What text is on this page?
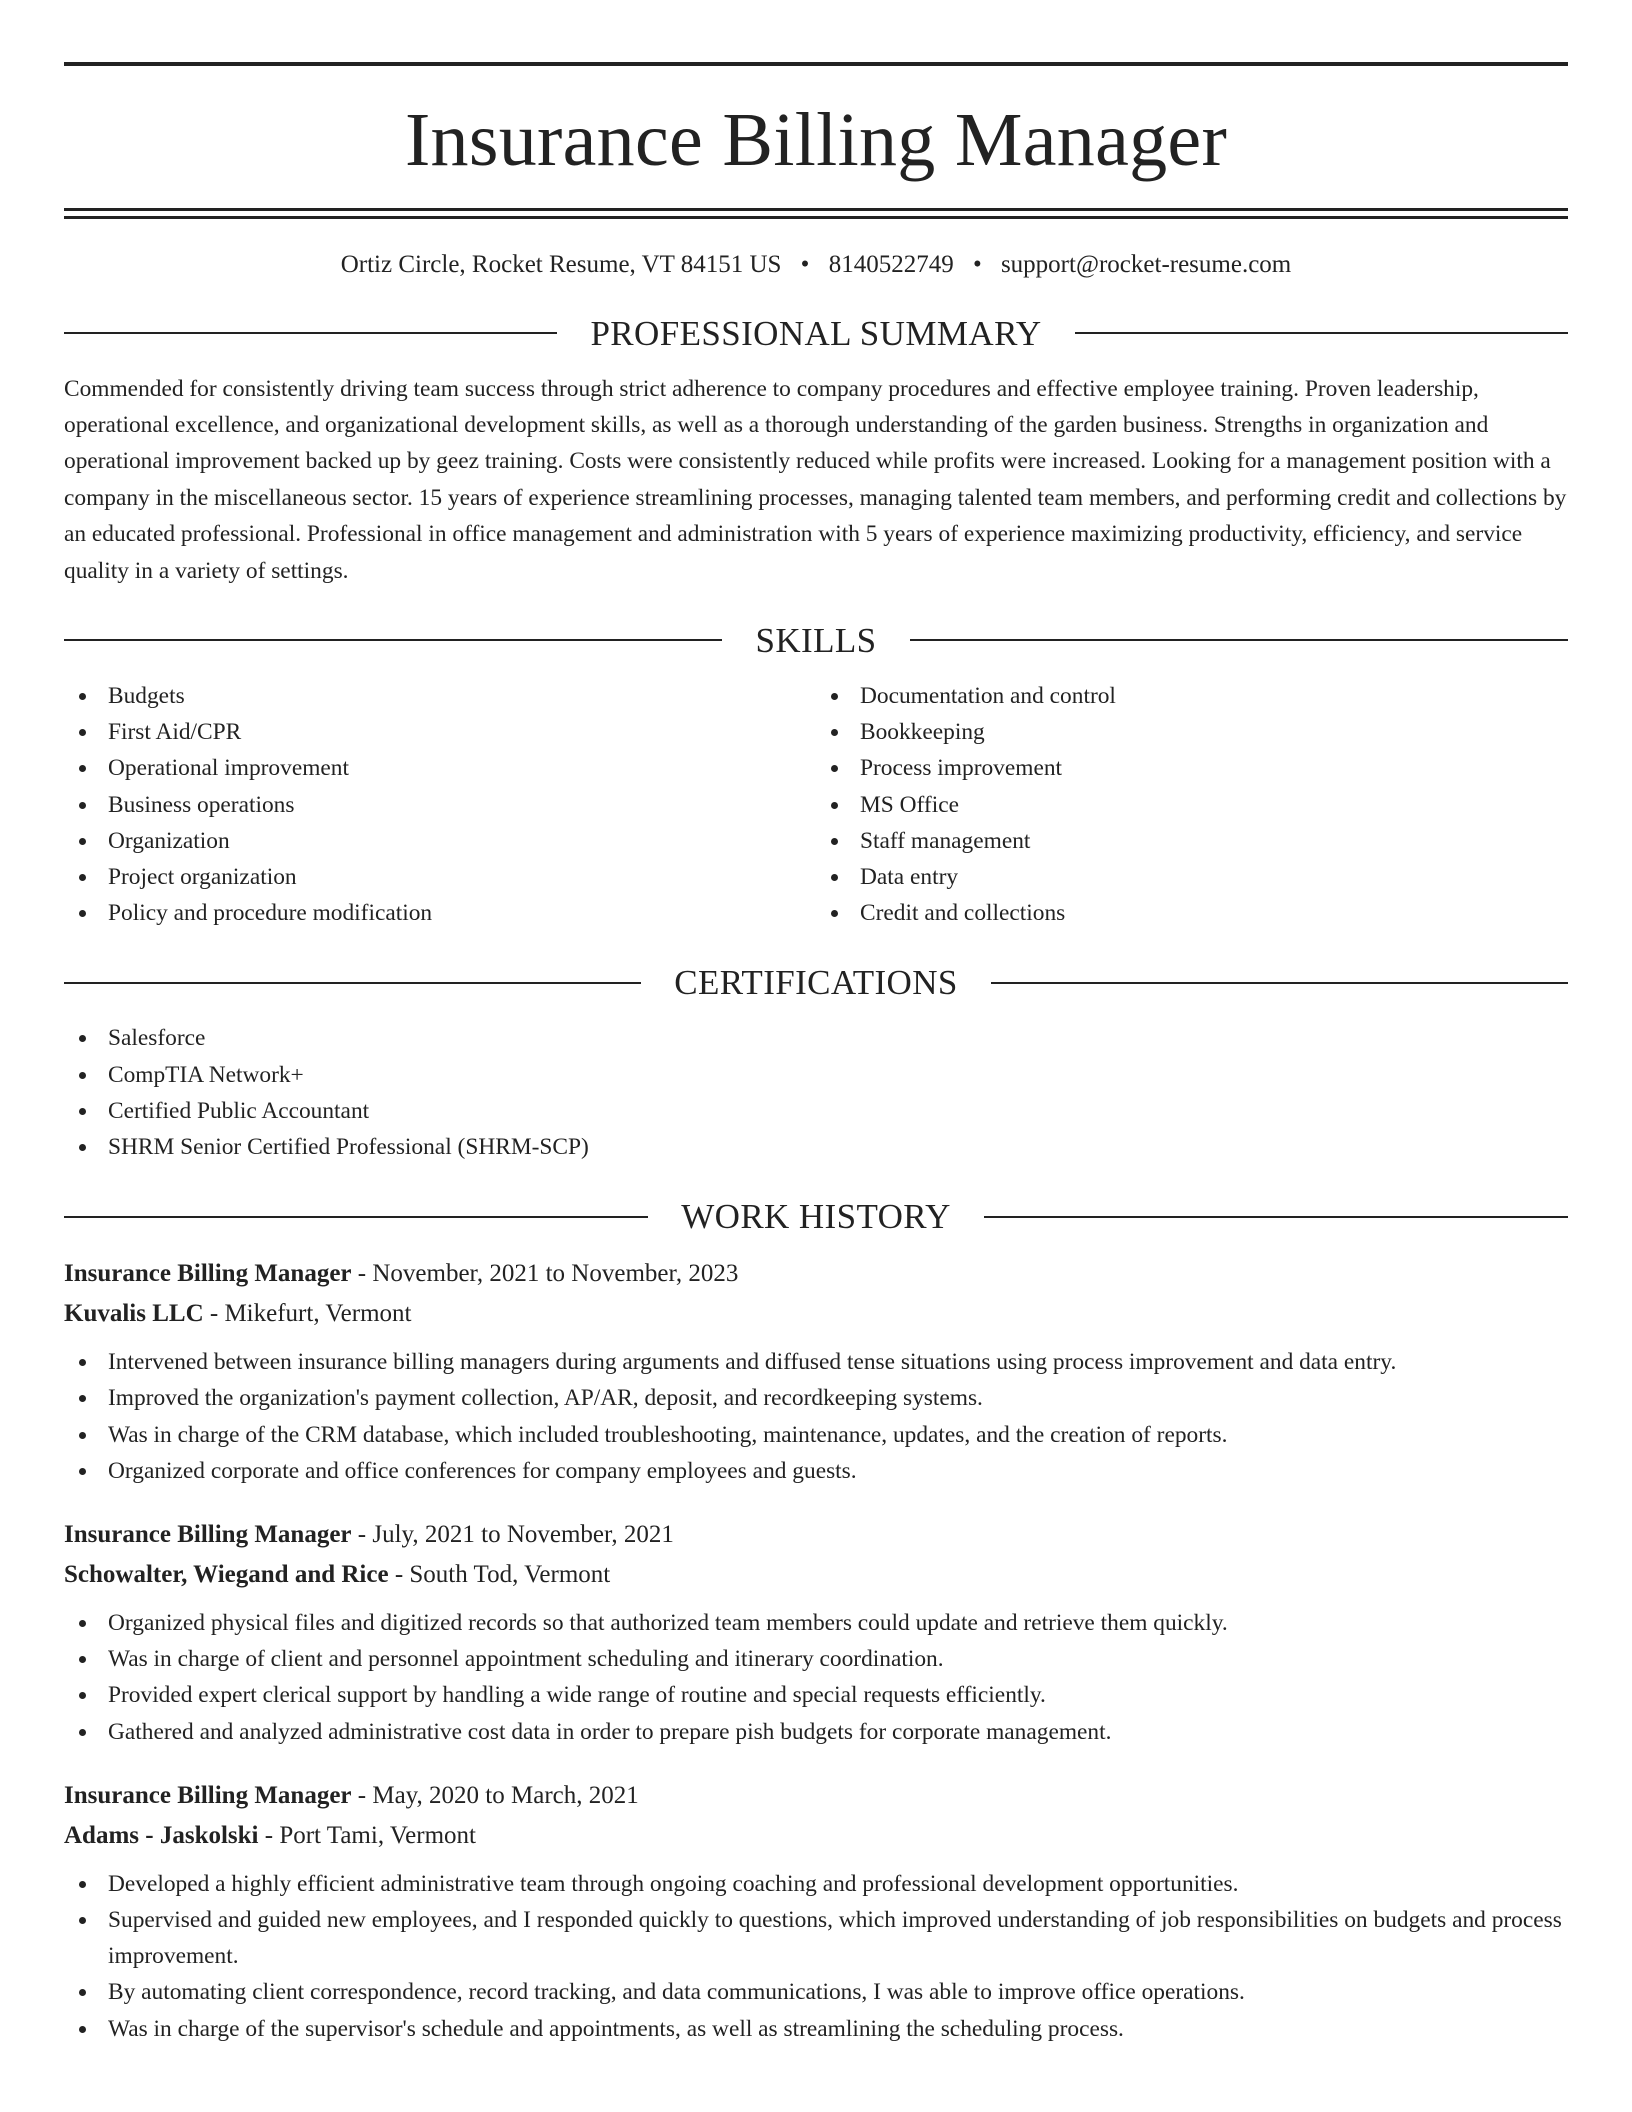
Insurance Billing Manager
Ortiz Circle, Rocket Resume, VT 84151 US • 8140522749 • support@rocket-resume.com
PROFESSIONAL SUMMARY

Commended for consistently driving team success through strict adherence to company procedures and effective employee training. Proven leadership, operational excellence, and organizational development skills, as well as a thorough understanding of the garden business. Strengths in organization and operational improvement backed up by geez training. Costs were consistently reduced while profits were increased. Looking for a management position with a company in the miscellaneous sector. 15 years of experience streamlining processes, managing talented team members, and performing credit and collections by an educated professional. Professional in office management and administration with 5 years of experience maximizing productivity, efficiency, and service quality in a variety of settings.

SKILLS
Budgets
First Aid/CPR
Operational improvement
Business operations
Organization
Project organization
Policy and procedure modification
Documentation and control
Bookkeeping
Process improvement
MS Office
Staff management
Data entry
Credit and collections
CERTIFICATIONS
Salesforce
CompTIA Network+
Certified Public Accountant
SHRM Senior Certified Professional (SHRM-SCP)
WORK HISTORY
Insurance Billing Manager - November, 2021 to November, 2023
Kuvalis LLC - Mikefurt, Vermont
Intervened between insurance billing managers during arguments and diffused tense situations using process improvement and data entry.
Improved the organization's payment collection, AP/AR, deposit, and recordkeeping systems.
Was in charge of the CRM database, which included troubleshooting, maintenance, updates, and the creation of reports.
Organized corporate and office conferences for company employees and guests.
Insurance Billing Manager - July, 2021 to November, 2021
Schowalter, Wiegand and Rice - South Tod, Vermont
Organized physical files and digitized records so that authorized team members could update and retrieve them quickly.
Was in charge of client and personnel appointment scheduling and itinerary coordination.
Provided expert clerical support by handling a wide range of routine and special requests efficiently.
Gathered and analyzed administrative cost data in order to prepare pish budgets for corporate management.
Insurance Billing Manager - May, 2020 to March, 2021
Adams - Jaskolski - Port Tami, Vermont
Developed a highly efficient administrative team through ongoing coaching and professional development opportunities.
Supervised and guided new employees, and I responded quickly to questions, which improved understanding of job responsibilities on budgets and process improvement.
By automating client correspondence, record tracking, and data communications, I was able to improve office operations.
Was in charge of the supervisor's schedule and appointments, as well as streamlining the scheduling process.
